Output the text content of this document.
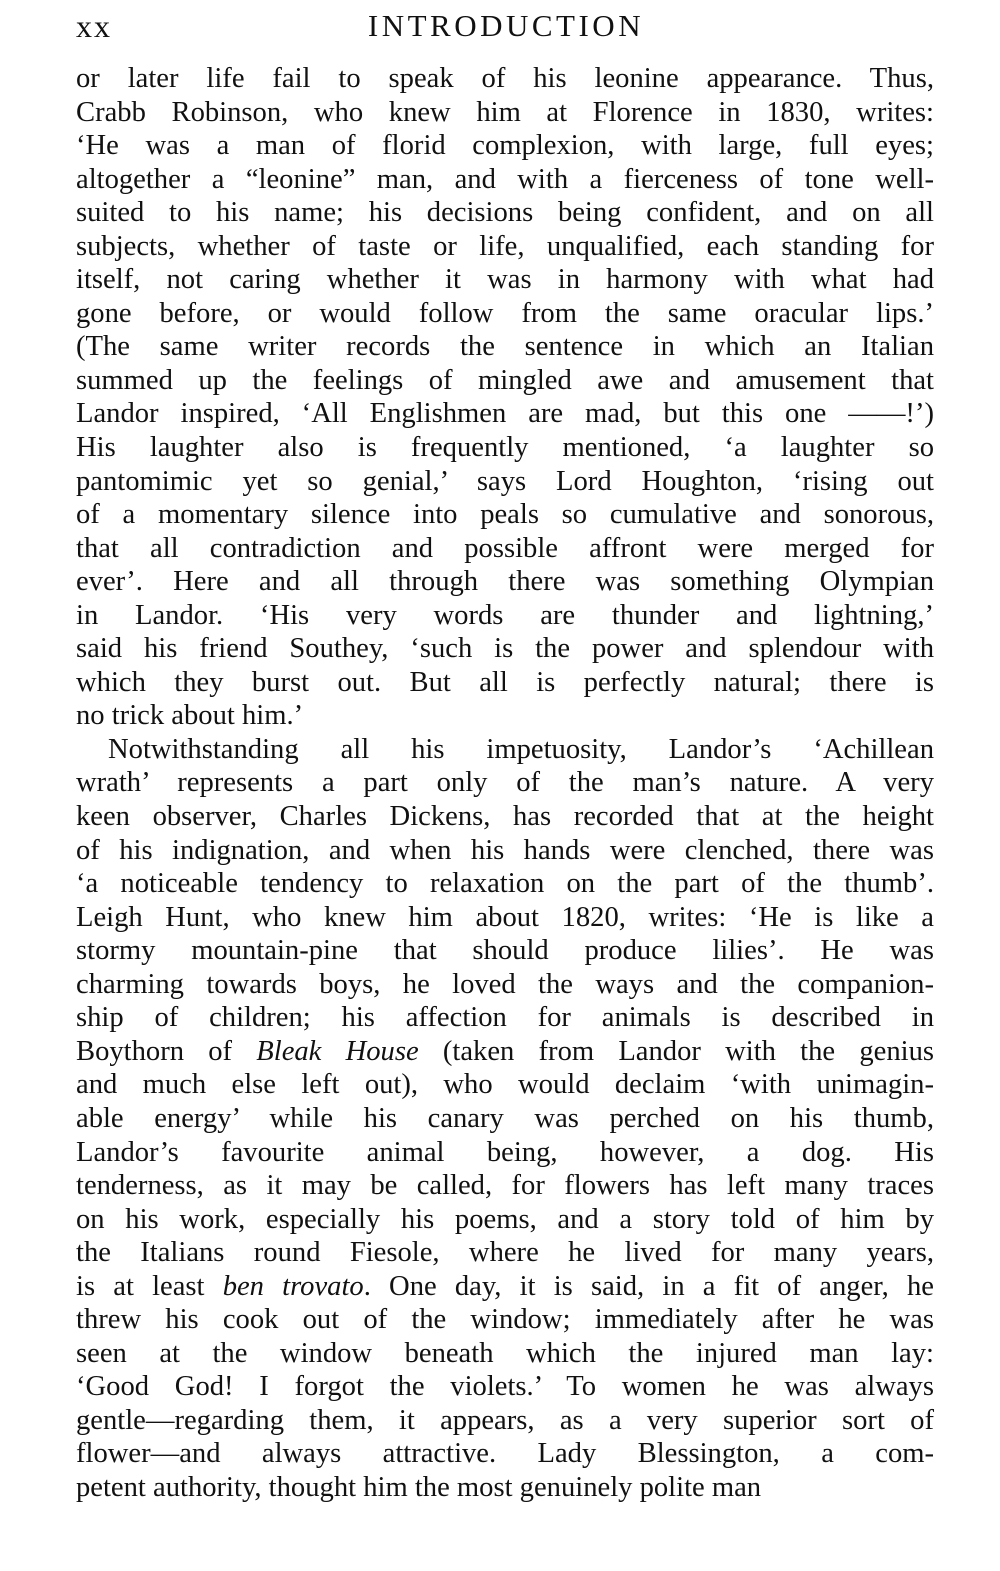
xx	INTRODUCTION
or later life fail to speak of his leonine appearance. Thus,
Crabb Robinson, who knew him at Florence in 1830, writes:
‘He was a man of florid complexion, with large, full eyes;
altogether a “leonine” man, and with a fierceness of tone well-
suited to his name; his decisions being confident, and on all
subjects, whether of taste or life, unqualified, each standing for
itself, not caring whether it was in harmony with what had
gone before, or would follow from the same oracular lips.’
(The same writer records the sentence in which an Italian
summed up the feelings of mingled awe and amusement that
Landor inspired, ‘All Englishmen are mad, but this one ——!’)
His laughter also is frequently mentioned, ‘a laughter so
pantomimic yet so genial,’ says Lord Houghton, ‘rising out
of a momentary silence into peals so cumulative and sonorous,
that all contradiction and possible affront were merged for
ever’. Here and all through there was something Olympian
in Landor. ‘His very words are thunder and lightning,’
said his friend Southey, ‘such is the power and splendour with
which they burst out. But all is perfectly natural; there is
no trick about him.’
Notwithstanding all his impetuosity, Landor’s ‘Achillean
wrath’ represents a part only of the man’s nature. A very
keen observer, Charles Dickens, has recorded that at the height
of his indignation, and when his hands were clenched, there was
‘a noticeable tendency to relaxation on the part of the thumb’.
Leigh Hunt, who knew him about 1820, writes: ‘He is like a
stormy mountain-pine that should produce lilies’. He was
charming towards boys, he loved the ways and the companion-
ship of children; his affection for animals is described in
Boythorn of Bleak House (taken from Landor with the genius
and much else left out), who would declaim ‘with unimagin-
able energy’ while his canary was perched on his thumb,
Landor’s favourite animal being, however, a dog. His
tenderness, as it may be called, for flowers has left many traces
on his work, especially his poems, and a story told of him by
the Italians round Fiesole, where he lived for many years,
is at least ben trovato. One day, it is said, in a fit of anger, he
threw his cook out of the window; immediately after he was
seen at the window beneath which the injured man lay:
‘Good God! I forgot the violets.’ To women he was always
gentle—regarding them, it appears, as a very superior sort of
flower—and always attractive. Lady Blessington, a com-
petent authority, thought him the most genuinely polite man
